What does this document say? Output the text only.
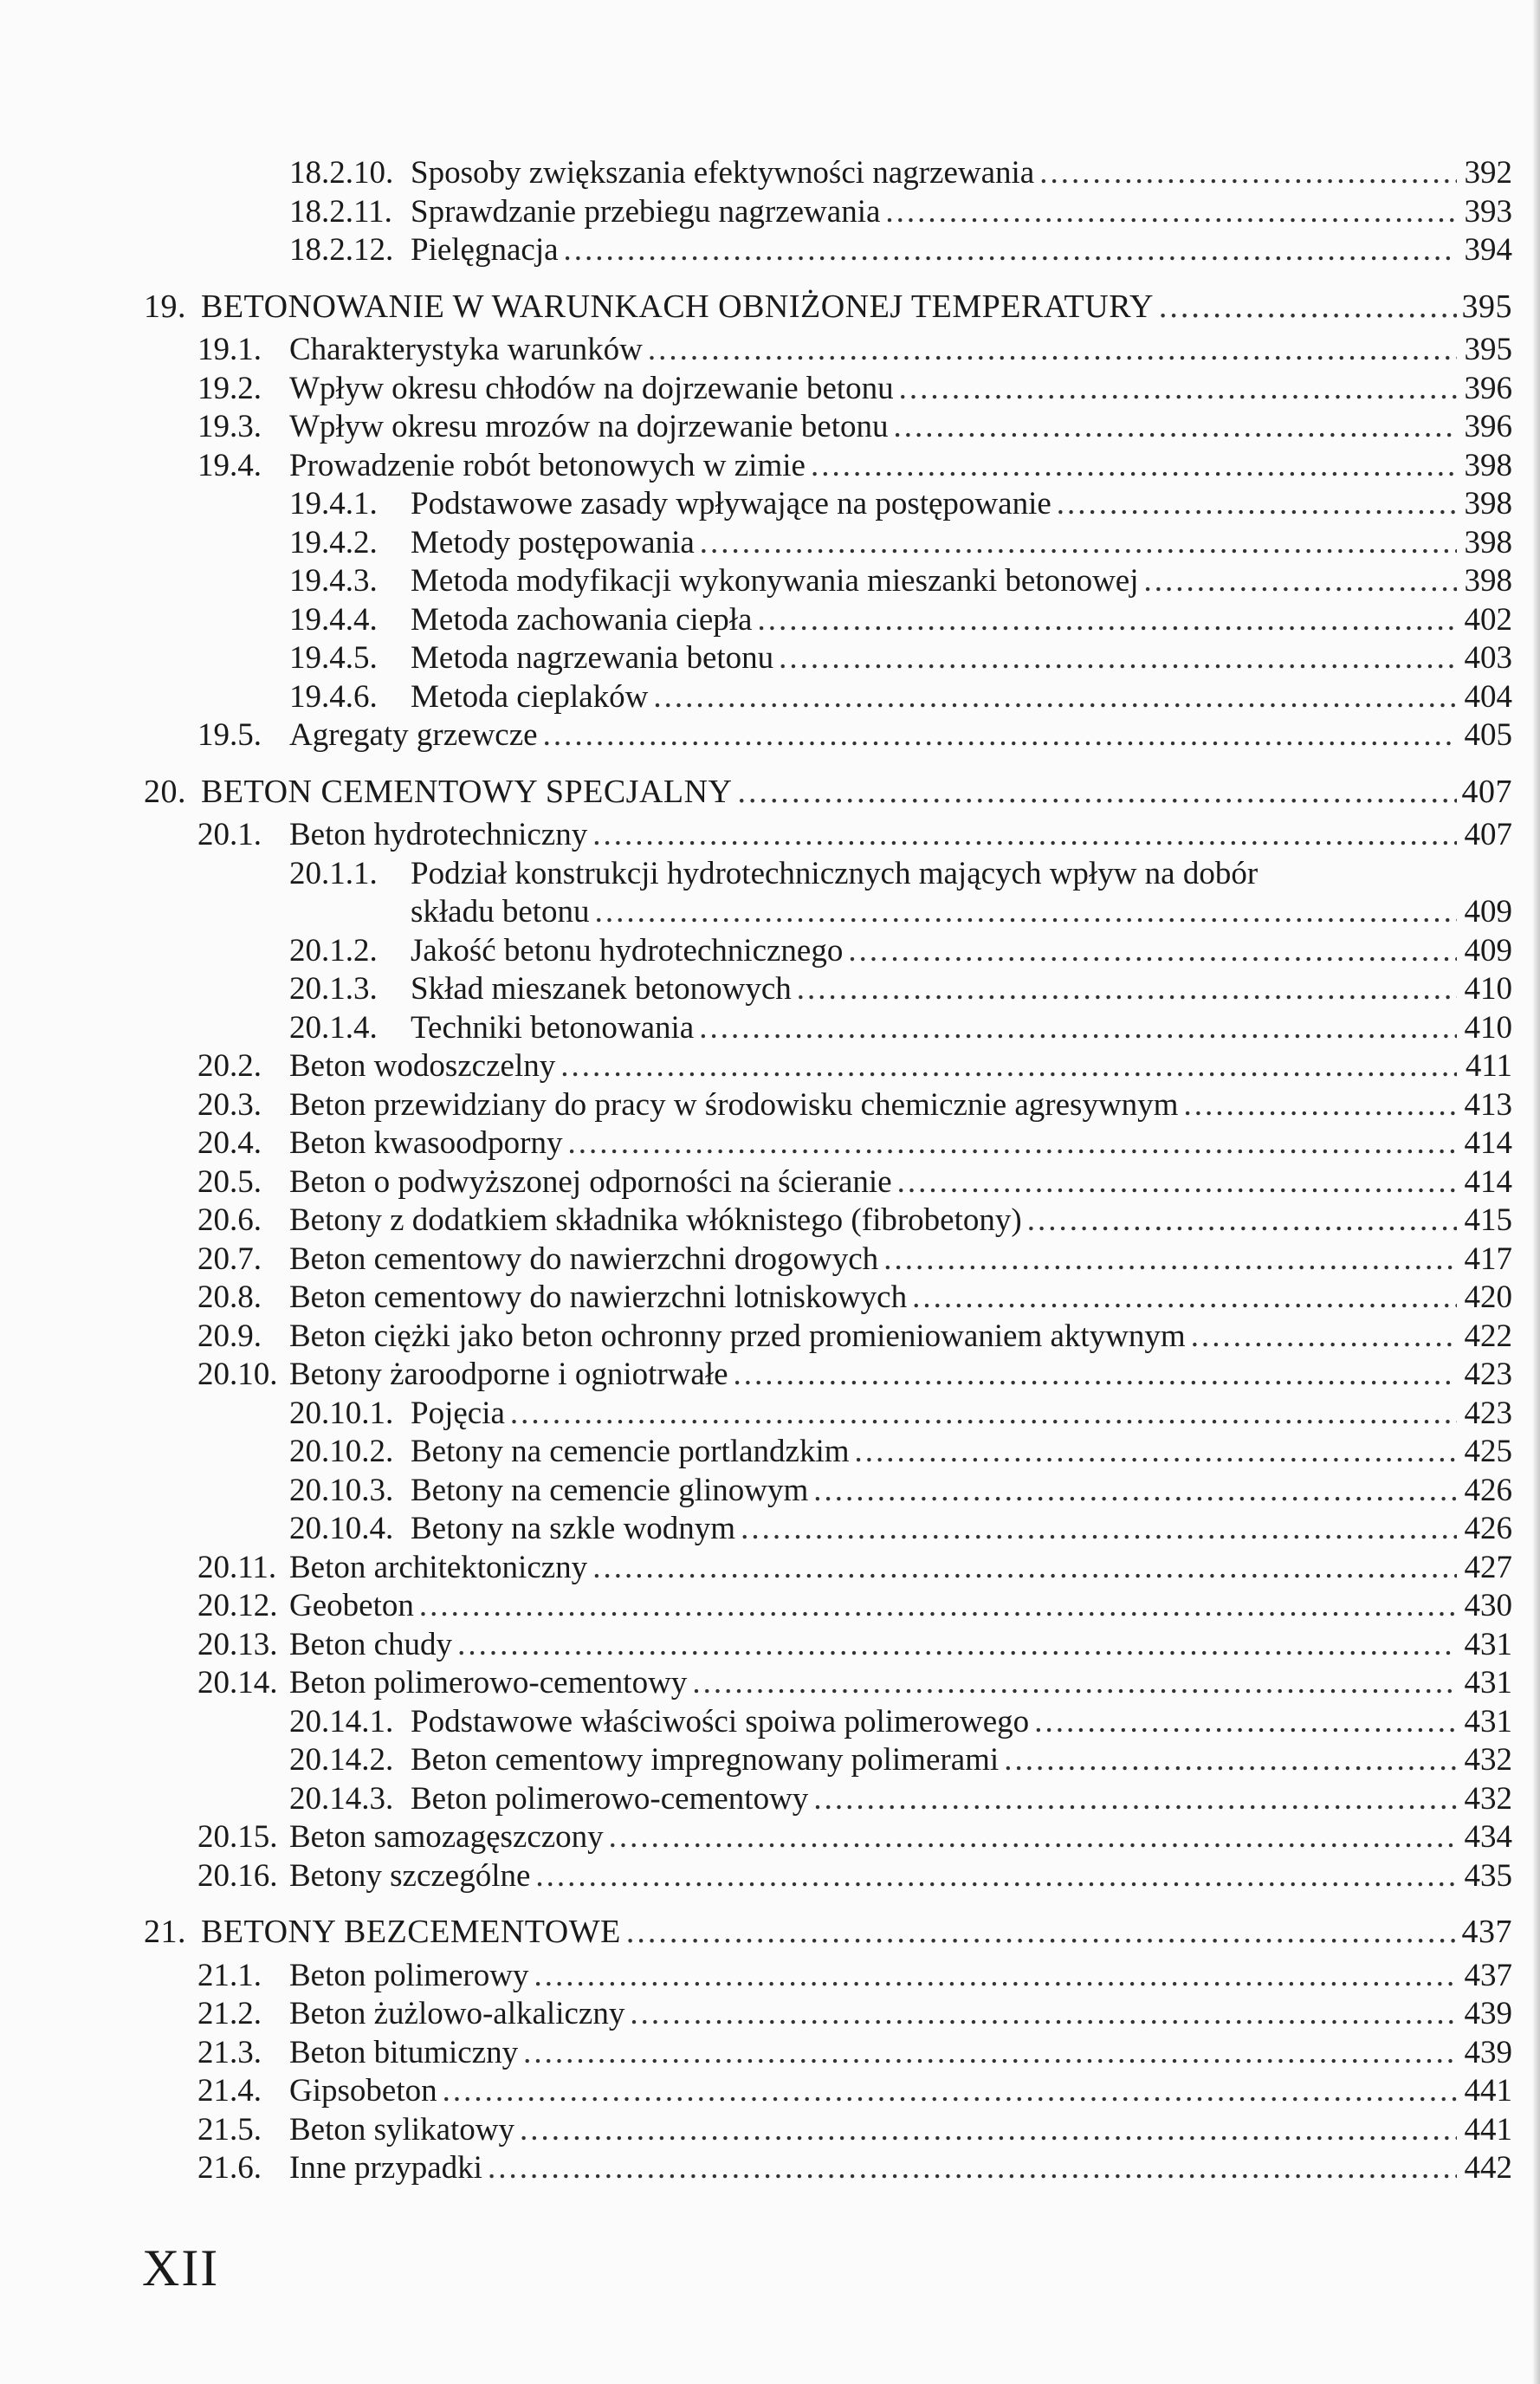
18.2.10. Sposoby zwiększania efektywności nagrzewania .....	392
18.2.11. Sprawdzanie przebiegu nagrzewania .....	393
18.2.12. Pielęgnacja .....	394
19. BETONOWANIE W WARUNKACH OBNIŻONEJ TEMPERATURY .....	395
19.1. Charakterystyka warunków .....	395
19.2. Wpływ okresu chłodów na dojrzewanie betonu .....	396
19.3. Wpływ okresu mrozów na dojrzewanie betonu .....	396
19.4. Prowadzenie robót betonowych w zimie .....	398
19.4.1. Podstawowe zasady wpływające na postępowanie .....	398
19.4.2. Metody postępowania .....	398
19.4.3. Metoda modyfikacji wykonywania mieszanki betonowej .....	398
19.4.4. Metoda zachowania ciepła .....	402
19.4.5. Metoda nagrzewania betonu .....	403
19.4.6. Metoda cieplaków .....	404
19.5. Agregaty grzewcze .....	405
20. BETON CEMENTOWY SPECJALNY .....	407
20.1. Beton hydrotechniczny .....	407
20.1.1. Podział konstrukcji hydrotechnicznych mających wpływ na dobór
składu betonu .....	409
20.1.2. Jakość betonu hydrotechnicznego .....	409
20.1.3. Skład mieszanek betonowych .....	410
20.1.4. Techniki betonowania .....	410
20.2. Beton wodoszczelny .....	411
20.3. Beton przewidziany do pracy w środowisku chemicznie agresywnym .....	413
20.4. Beton kwasoodporny .....	414
20.5. Beton o podwyższonej odporności na ścieranie .....	414
20.6. Betony z dodatkiem składnika włóknistego (fibrobetony) .....	415
20.7. Beton cementowy do nawierzchni drogowych .....	417
20.8. Beton cementowy do nawierzchni lotniskowych .....	420
20.9. Beton ciężki jako beton ochronny przed promieniowaniem aktywnym .....	422
20.10. Betony żaroodporne i ogniotrwałe .....	423
20.10.1. Pojęcia .....	423
20.10.2. Betony na cemencie portlandzkim .....	425
20.10.3. Betony na cemencie glinowym .....	426
20.10.4. Betony na szkle wodnym .....	426
20.11. Beton architektoniczny .....	427
20.12. Geobeton .....	430
20.13. Beton chudy .....	431
20.14. Beton polimerowo-cementowy .....	431
20.14.1. Podstawowe właściwości spoiwa polimerowego .....	431
20.14.2. Beton cementowy impregnowany polimerami .....	432
20.14.3. Beton polimerowo-cementowy .....	432
20.15. Beton samozagęszczony .....	434
20.16. Betony szczególne .....	435
21. BETONY BEZCEMENTOWE .....	437
21.1. Beton polimerowy .....	437
21.2. Beton żużlowo-alkaliczny .....	439
21.3. Beton bitumiczny .....	439
21.4. Gipsobeton .....	441
21.5. Beton sylikatowy .....	441
21.6. Inne przypadki .....	442
XII
